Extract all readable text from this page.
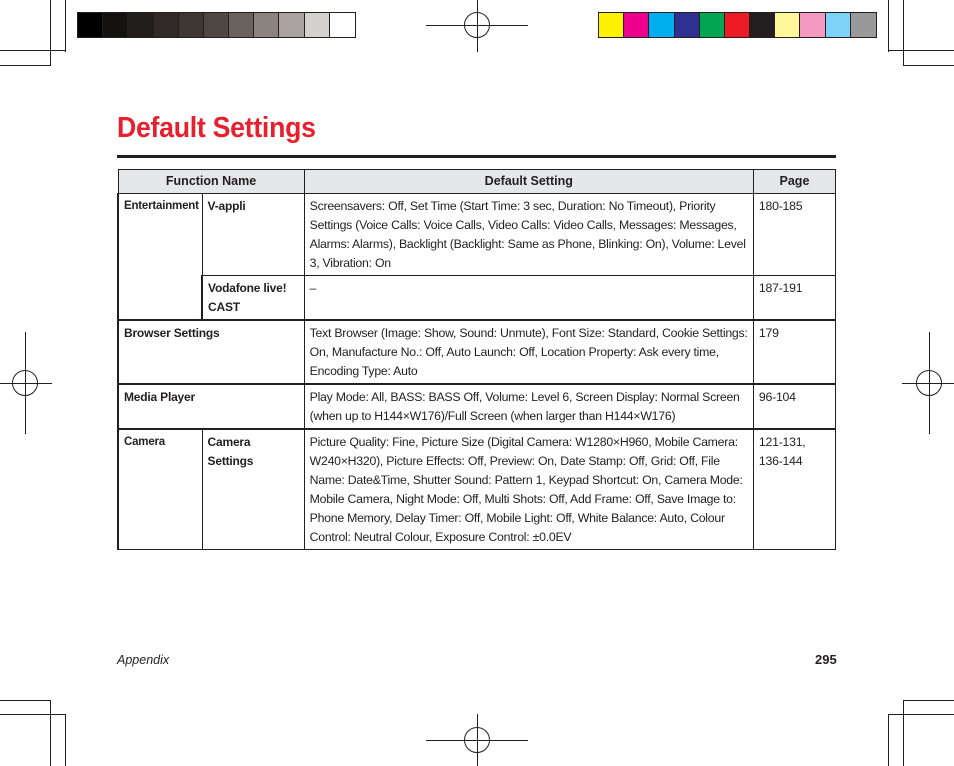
Default Settings
Function Name		Default Setting	Page
Entertainment	V-appli	Screensavers: Off, Set Time (Start Time: 3 sec, Duration: No Timeout), Priority Settings (Voice Calls: Voice Calls, Video Calls: Video Calls, Messages: Messages, Alarms: Alarms), Backlight (Backlight: Same as Phone, Blinking: On), Volume: Level 3, Vibration: On	180-185
	Vodafone live! CAST	–	187-191
Browser Settings		Text Browser (Image: Show, Sound: Unmute), Font Size: Standard, Cookie Settings: On, Manufacture No.: Off, Auto Launch: Off, Location Property: Ask every time, Encoding Type: Auto	179
Media Player		Play Mode: All, BASS: BASS Off, Volume: Level 6, Screen Display: Normal Screen (when up to H144×W176)/Full Screen (when larger than H144×W176)	96-104
Camera	Camera Settings	Picture Quality: Fine, Picture Size (Digital Camera: W1280×H960, Mobile Camera: W240×H320), Picture Effects: Off, Preview: On, Date Stamp: Off, Grid: Off, File Name: Date&Time, Shutter Sound: Pattern 1, Keypad Shortcut: On, Camera Mode: Mobile Camera, Night Mode: Off, Multi Shots: Off, Add Frame: Off, Save Image to: Phone Memory, Delay Timer: Off, Mobile Light: Off, White Balance: Auto, Colour Control: Neutral Colour, Exposure Control: ±0.0EV	121-131, 136-144
Appendix	295
